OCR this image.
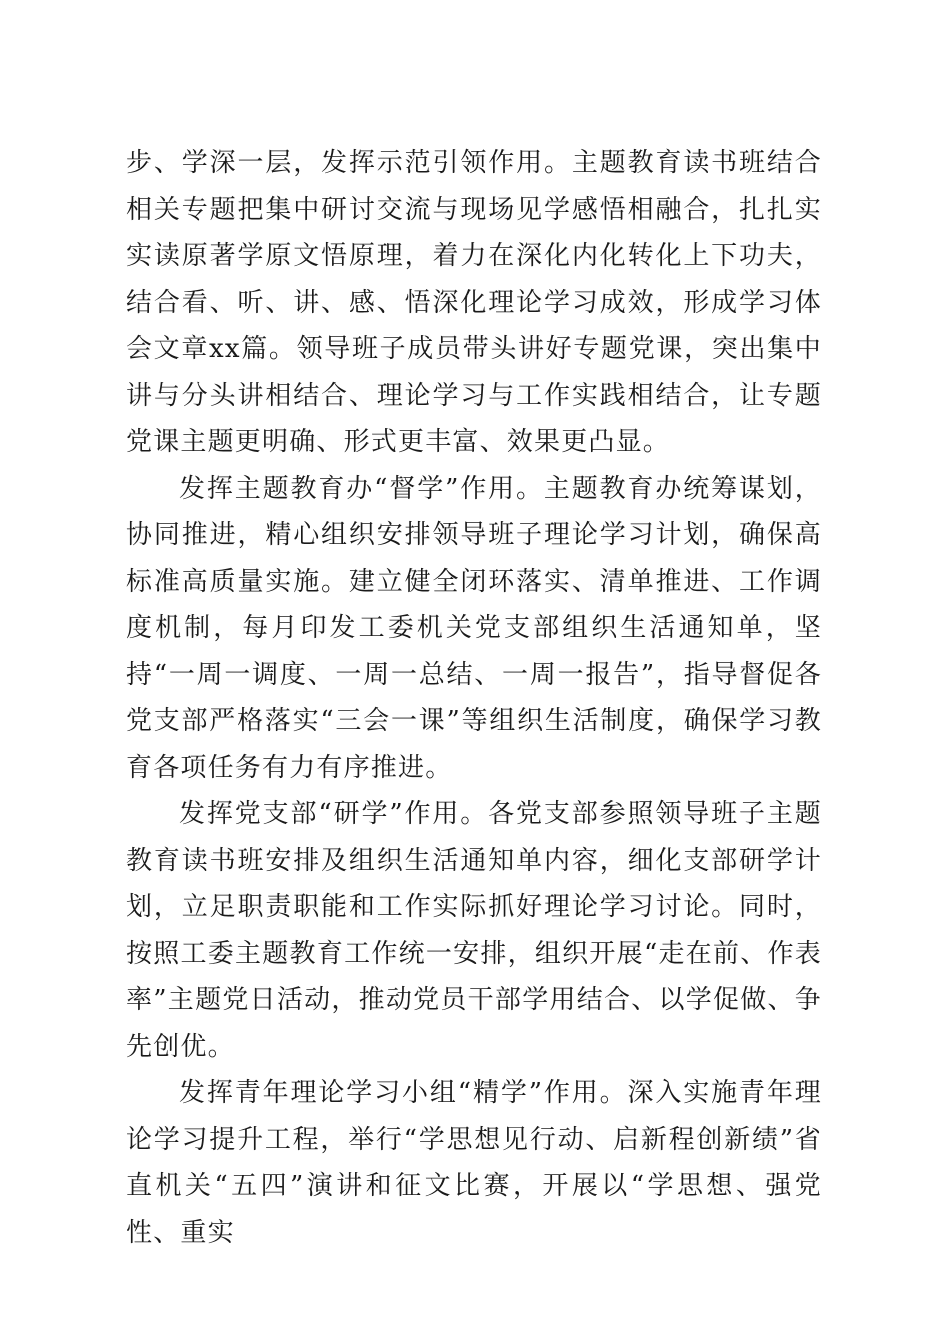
步、学深一层，发挥示范引领作用。主题教育读书班结合相关专题把集中研讨交流与现场见学感悟相融合，扎扎实实读原著学原文悟原理，着力在深化内化转化上下功夫，结合看、听、讲、感、悟深化理论学习成效，形成学习体会文章xx篇。领导班子成员带头讲好专题党课，突出集中讲与分头讲相结合、理论学习与工作实践相结合，让专题党课主题更明确、形式更丰富、效果更凸显。

发挥主题教育办“督学”作用。主题教育办统筹谋划，协同推进，精心组织安排领导班子理论学习计划，确保高标准高质量实施。建立健全闭环落实、清单推进、工作调度机制，每月印发工委机关党支部组织生活通知单，坚持“一周一调度、一周一总结、一周一报告”，指导督促各党支部严格落实“三会一课”等组织生活制度，确保学习教育各项任务有力有序推进。

发挥党支部“研学”作用。各党支部参照领导班子主题教育读书班安排及组织生活通知单内容，细化支部研学计划，立足职责职能和工作实际抓好理论学习讨论。同时，按照工委主题教育工作统一安排，组织开展“走在前、作表率”主题党日活动，推动党员干部学用结合、以学促做、争先创优。

发挥青年理论学习小组“精学”作用。深入实施青年理论学习提升工程，举行“学思想见行动、启新程创新绩”省直机关“五四”演讲和征文比赛，开展以“学思想、强党性、重实
